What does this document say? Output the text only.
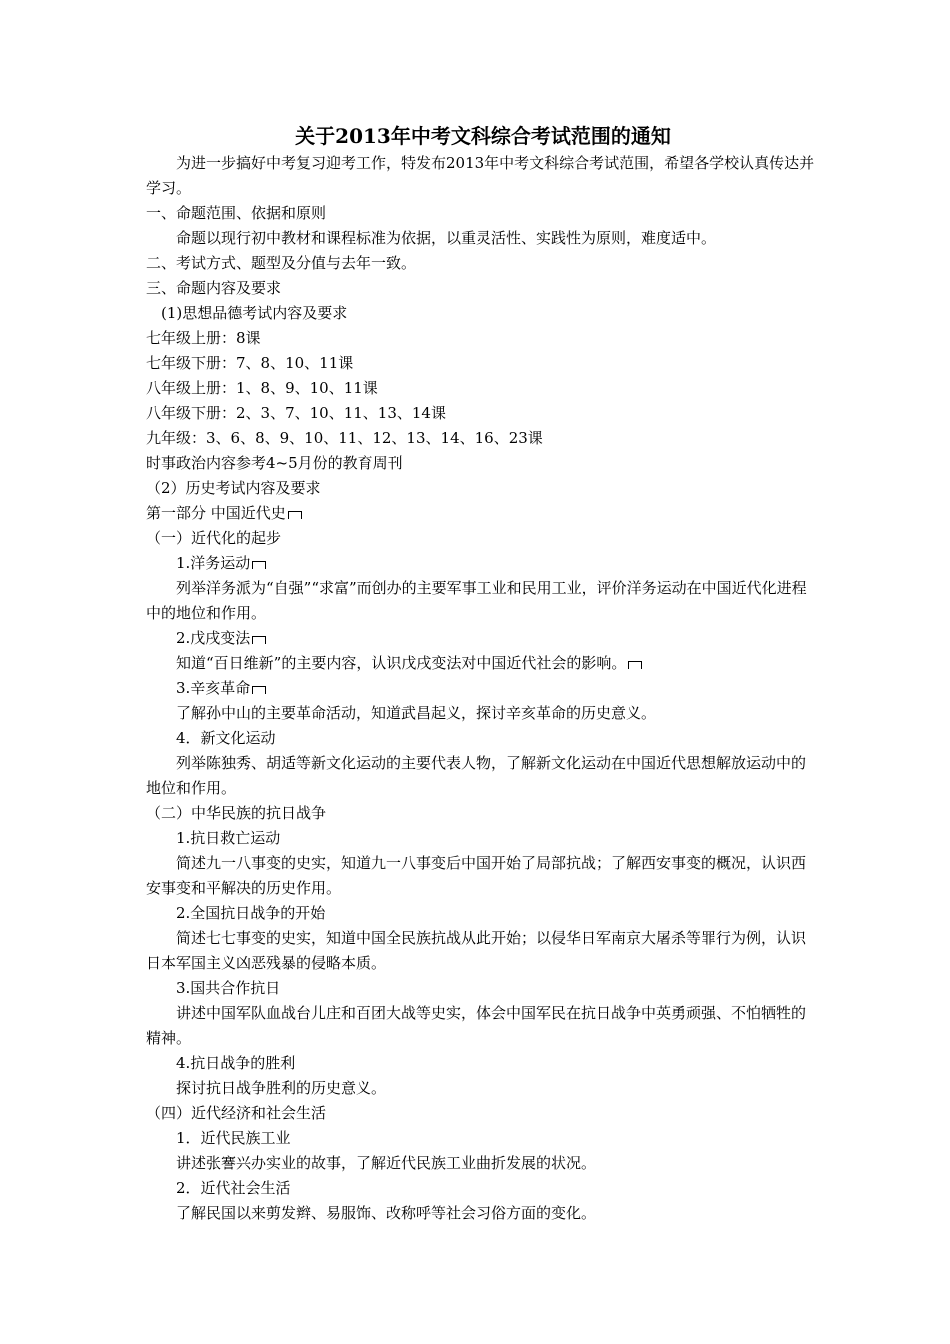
关于2013年中考文科综合考试范围的通知

为进一步搞好中考复习迎考工作，特发布2013年中考文科综合考试范围，希望各学校认真传达并学习。

一、命题范围、依据和原则

命题以现行初中教材和课程标准为依据，以重灵活性、实践性为原则，难度适中。

二、考试方式、题型及分值与去年一致。

三、命题内容及要求

(1)思想品德考试内容及要求

七年级上册：8课

七年级下册：7、8、10、11课

八年级上册：1、8、9、10、11课

八年级下册：2、3、7、10、11、13、14课

九年级：3、6、8、9、10、11、12、13、14、16、23课

时事政治内容参考4~5月份的教育周刊

（2）历史考试内容及要求

第一部分 中国近代史

（一）近代化的起步

1.洋务运动

列举洋务派为“自强”“求富”而创办的主要军事工业和民用工业，评价洋务运动在中国近代化进程中的地位和作用。

2.戊戌变法

知道“百日维新”的主要内容，认识戊戌变法对中国近代社会的影响。

3.辛亥革命

了解孙中山的主要革命活动，知道武昌起义，探讨辛亥革命的历史意义。

4．新文化运动

列举陈独秀、胡适等新文化运动的主要代表人物，了解新文化运动在中国近代思想解放运动中的地位和作用。

（二）中华民族的抗日战争

1.抗日救亡运动

简述九一八事变的史实，知道九一八事变后中国开始了局部抗战；了解西安事变的概况，认识西安事变和平解决的历史作用。

2.全国抗日战争的开始

简述七七事变的史实，知道中国全民族抗战从此开始；以侵华日军南京大屠杀等罪行为例，认识日本军国主义凶恶残暴的侵略本质。

3.国共合作抗日

讲述中国军队血战台儿庄和百团大战等史实，体会中国军民在抗日战争中英勇顽强、不怕牺牲的精神。

4.抗日战争的胜利

探讨抗日战争胜利的历史意义。

（四）近代经济和社会生活

1．近代民族工业

讲述张謇兴办实业的故事，了解近代民族工业曲折发展的状况。

2．近代社会生活

了解民国以来剪发辫、易服饰、改称呼等社会习俗方面的变化。
